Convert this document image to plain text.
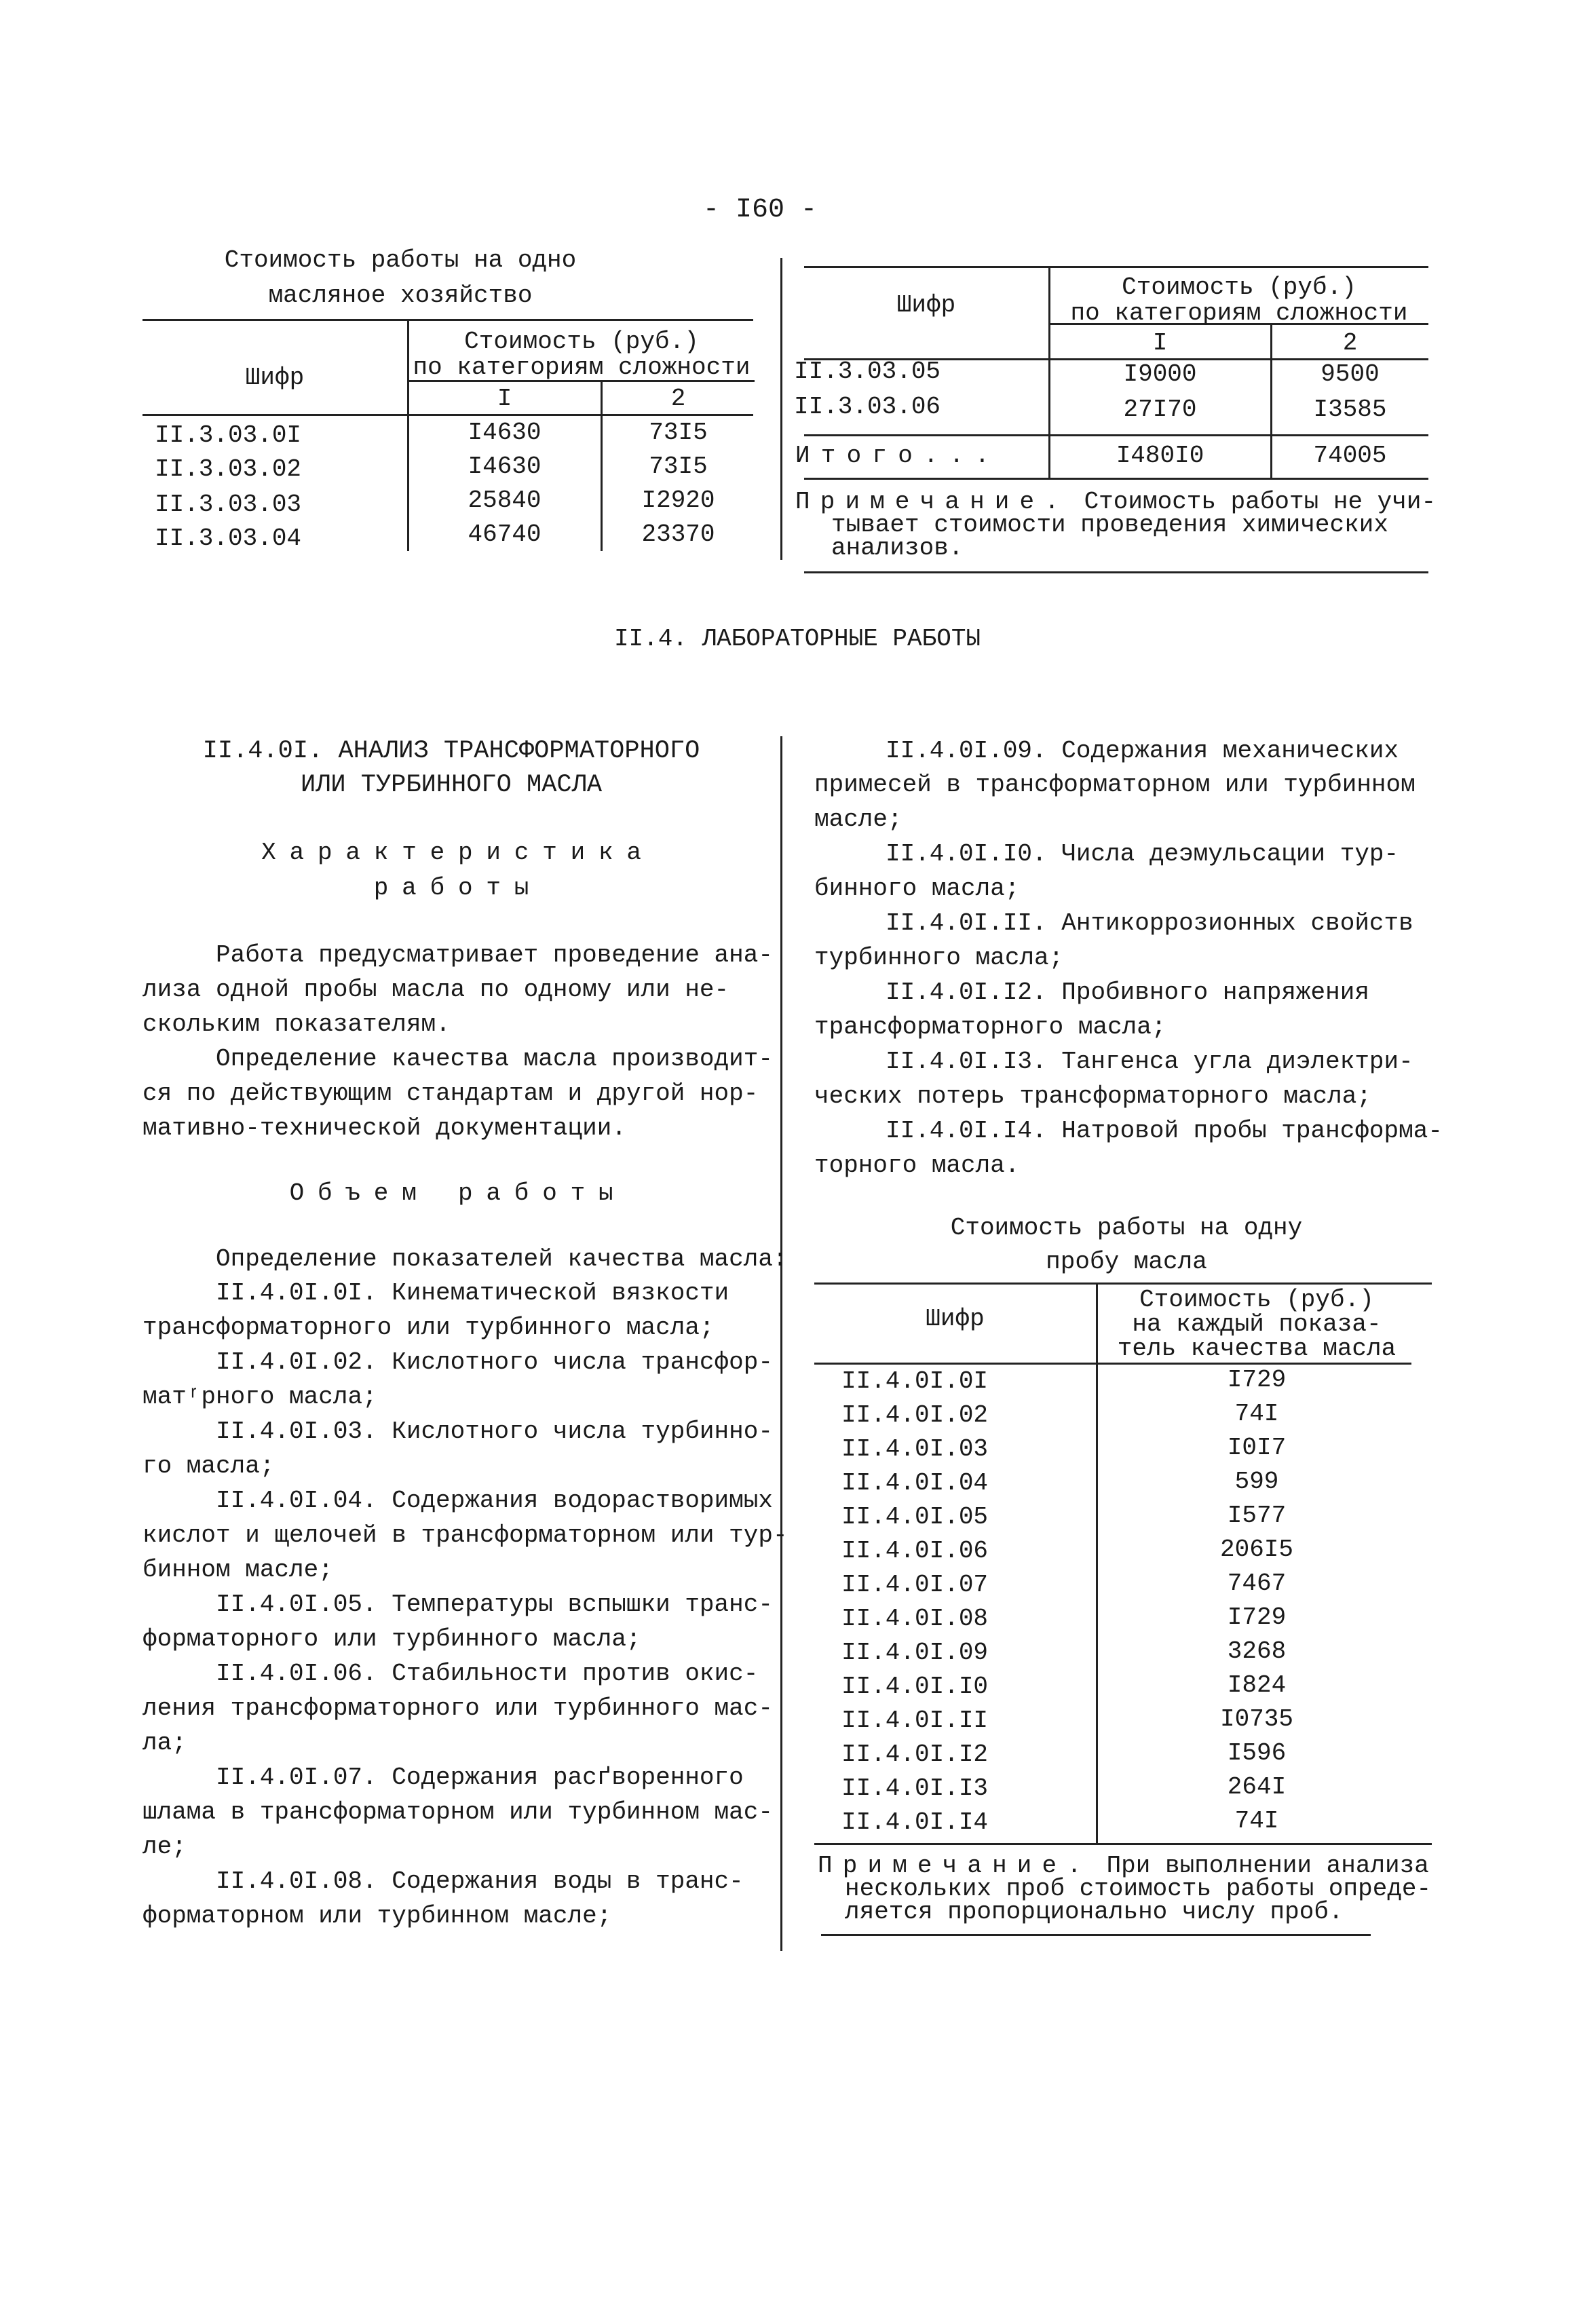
- I60 -
Стоимость работы на одно
масляное хозяйство
Шифр
Стоимость (руб.)
по категориям сложности
I	2
II.3.03.0I	I4630	73I5
II.3.03.02	I4630	73I5
II.3.03.03	25840	I2920
II.3.03.04	46740	23370
Шифр
Стоимость (руб.)
по категориям сложности
I	2
II.3.03.05	I9000	9500
II.3.03.06	27I70	I3585
Итого...	I480I0	74005
Примечание. Стоимость работы не учи-
тывает стоимости проведения химических
анализов.
II.4. ЛАБОРАТОРНЫЕ РАБОТЫ
II.4.0I. АНАЛИЗ ТРАНСФОРМАТОРНОГО
ИЛИ ТУРБИННОГО МАСЛА
Характеристика
работы
Работа предусматривает проведение ана-
лиза одной пробы масла по одному или не-
скольким показателям.
Определение качества масла производит-
ся по действующим стандартам и другой нор-
мативно-технической документации.
Объем работы
Определение показателей качества масла:
II.4.0I.0I. Кинематической вязкости
трансформаторного или турбинного масла;
II.4.0I.02. Кислотного числа трансфор-
матʳрного масла;
II.4.0I.03. Кислотного числа турбинно-
го масла;
II.4.0I.04. Содержания водорастворимых
кислот и щелочей в трансформаторном или тур-
бинном масле;
II.4.0I.05. Температуры вспышки транс-
форматорного или турбинного масла;
II.4.0I.06. Стабильности против окис-
ления трансформаторного или турбинного мас-
ла;
II.4.0I.07. Содержания расґворенного
шлама в трансформаторном или турбинном мас-
ле;
II.4.0I.08. Содержания воды в транс-
форматорном или турбинном масле;
II.4.0I.09. Содержания механических
примесей в трансформаторном или турбинном
масле;
II.4.0I.I0. Числа деэмульсации тур-
бинного масла;
II.4.0I.II. Антикоррозионных свойств
турбинного масла;
II.4.0I.I2. Пробивного напряжения
трансформаторного масла;
II.4.0I.I3. Тангенса угла диэлектри-
ческих потерь трансформаторного масла;
II.4.0I.I4. Натровой пробы трансформа-
торного масла.
Стоимость работы на одну
пробу масла
Шифр
Стоимость (руб.)
на каждый показа-
тель качества масла
II.4.0I.0I	I729
II.4.0I.02	74I
II.4.0I.03	I0I7
II.4.0I.04	599
II.4.0I.05	I577
II.4.0I.06	206I5
II.4.0I.07	7467
II.4.0I.08	I729
II.4.0I.09	3268
II.4.0I.I0	I824
II.4.0I.II	I0735
II.4.0I.I2	I596
II.4.0I.I3	264I
II.4.0I.I4	74I
Примечание. При выполнении анализа
нескольких проб стоимость работы опреде-
ляется пропорционально числу проб.
